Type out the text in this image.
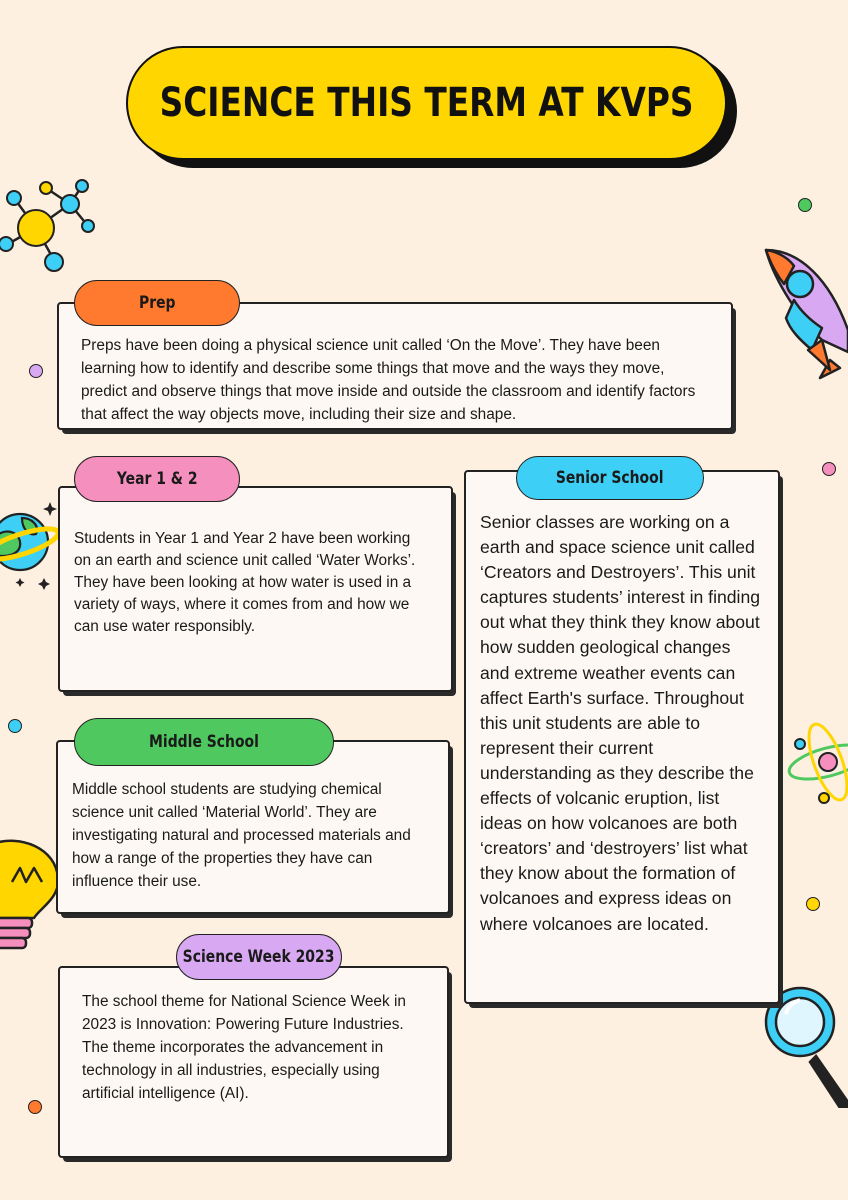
SCIENCE THIS TERM AT KVPS

Preps have been doing a physical science unit called ‘On the Move’. They have been learning how to identify and describe some things that move and the ways they move, predict and observe things that move inside and outside the classroom and identify factors that affect the way objects move, including their size and shape.

Prep

Students in Year 1 and Year 2 have been working on an earth and science unit called ‘Water Works’. They have been looking at how water is used in a variety of ways, where it comes from and how we can use water responsibly.

Year 1 & 2

Middle school students are studying chemical science unit called ‘Material World’. They are investigating natural and processed materials and how a range of the properties they have can influence their use.

Middle School

The school theme for National Science Week in 2023 is Innovation: Powering Future Industries. The theme incorporates the advancement in technology in all industries, especially using artificial intelligence (AI).

Science Week 2023

Senior classes are working on a earth and space science unit called ‘Creators and Destroyers’. This unit captures students’ interest in finding out what they think they know about how sudden geological changes and extreme weather events can affect Earth's surface. Throughout this unit students are able to represent their current understanding as they describe the effects of volcanic eruption, list ideas on how volcanoes are both ‘creators’ and ‘destroyers’ list what they know about the formation of volcanoes and express ideas on where volcanoes are located.

Senior School
